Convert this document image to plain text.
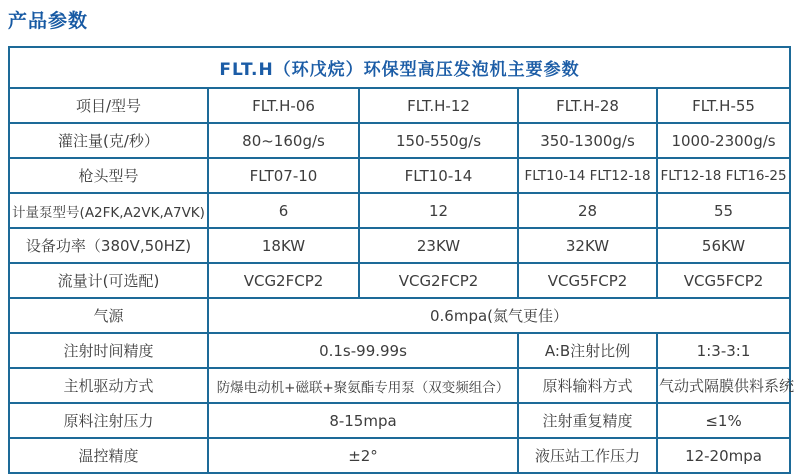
产品参数
FLT.H（环戊烷）环保型高压发泡机主要参数				
项目/型号	FLT.H-06	FLT.H-12	FLT.H-28	FLT.H-55
灌注量(克/秒）	80~160g/s	150-550g/s	350-1300g/s	1000-2300g/s
枪头型号	FLT07-10	FLT10-14	FLT10-14 FLT12-18	FLT12-18 FLT16-25
计量泵型号(A2FK,A2VK,A7VK)	6	12	28	55
设备功率（380V,50HZ)	18KW	23KW	32KW	56KW
流量计(可选配)	VCG2FCP2	VCG2FCP2	VCG5FCP2	VCG5FCP2
气源	0.6mpa(氮气更佳）			
注射时间精度	0.1s-99.99s		A:B注射比例	1:3-3:1
主机驱动方式	防爆电动机+磁联+聚氨酯专用泵（双变频组合）		原料输料方式	气动式隔膜供料系统
原料注射压力	8-15mpa		注射重复精度	≤1%
温控精度	±2°		液压站工作压力	12-20mpa
